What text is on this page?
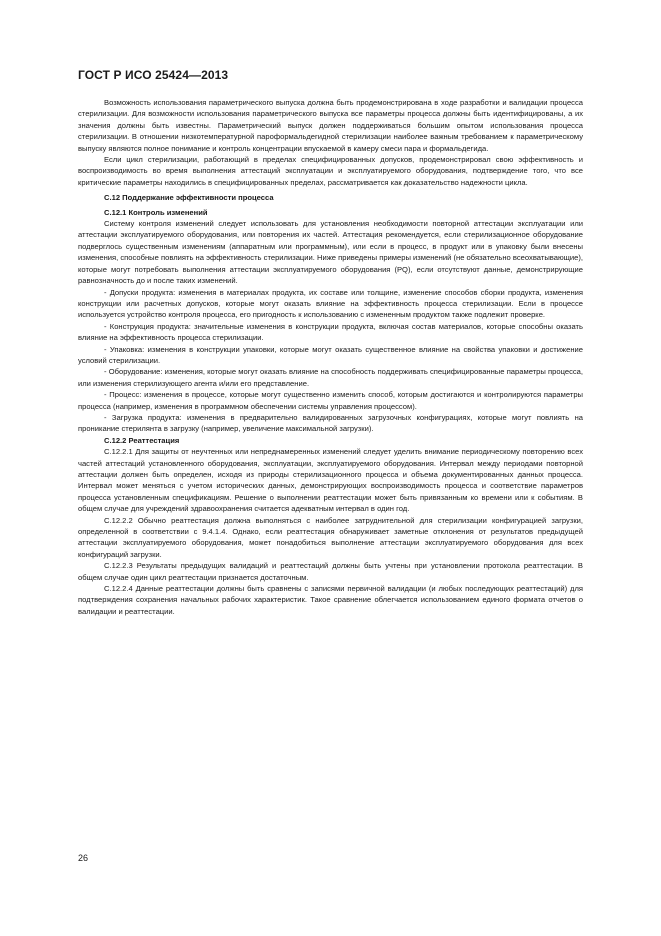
ГОСТ Р ИСО 25424—2013

Возможность использования параметрического выпуска должна быть продемонстрирована в ходе разработки и валидации процесса стерилизации. Для возможности использования параметрического выпуска все параметры процесса должны быть идентифицированы, а их значения должны быть известны. Параметрический выпуск должен поддерживаться большим опытом использования процесса стерилизации. В отношении низкотемпературной пароформальдегидной стерилизации наиболее важным требованием к параметрическому выпуску являются полное понимание и контроль концентрации впускаемой в камеру смеси пара и формальдегида.

Если цикл стерилизации, работающий в пределах специфицированных допусков, продемонстрировал свою эффективность и воспроизводимость во время выполнения аттестаций эксплуатации и эксплуатируемого оборудования, подтверждение того, что все критические параметры находились в специфицированных пределах, рассматривается как доказательство надежности цикла.

С.12 Поддержание эффективности процесса
С.12.1 Контроль изменений

Систему контроля изменений следует использовать для установления необходимости повторной аттестации эксплуатации или аттестации эксплуатируемого оборудования, или повторения их частей. Аттестация рекомендуется, если стерилизационное оборудование подверглось существенным изменениям (аппаратным или программным), или если в процесс, в продукт или в упаковку были внесены изменения, способные повлиять на эффективность стерилизации. Ниже приведены примеры изменений (не обязательно всеохватывающие), которые могут потребовать выполнения аттестации эксплуатируемого оборудования (PQ), если отсутствуют данные, демонстрирующие равнозначность до и после таких изменений.

- Допуски продукта: изменения в материалах продукта, их составе или толщине, изменение способов сборки продукта, изменения конструкции или расчетных допусков, которые могут оказать влияние на эффективность процесса стерилизации. Если в процессе используется устройство контроля процесса, его пригодность к использованию с измененным продуктом также подлежит проверке.

- Конструкция продукта: значительные изменения в конструкции продукта, включая состав материалов, которые способны оказать влияние на эффективность процесса стерилизации.

- Упаковка: изменения в конструкции упаковки, которые могут оказать существенное влияние на свойства упаковки и достижение условий стерилизации.

- Оборудование: изменения, которые могут оказать влияние на способность поддерживать специфицированные параметры процесса, или изменения стерилизующего агента и/или его представление.

- Процесс: изменения в процессе, которые могут существенно изменить способ, которым достигаются и контролируются параметры процесса (например, изменения в программном обеспечении системы управления процессом).

- Загрузка продукта: изменения в предварительно валидированных загрузочных конфигурациях, которые могут повлиять на проникание стерилянта в загрузку (например, увеличение максимальной загрузки).

С.12.2 Реаттестация

С.12.2.1 Для защиты от неучтенных или непреднамеренных изменений следует уделить внимание периодическому повторению всех частей аттестаций установленного оборудования, эксплуатации, эксплуатируемого оборудования. Интервал между периодами повторной аттестации должен быть определен, исходя из природы стерилизационного процесса и объема документированных данных процесса. Интервал может меняться с учетом исторических данных, демонстрирующих воспроизводимость процесса и соответствие параметров процесса установленным спецификациям. Решение о выполнении реаттестации может быть привязанным ко времени или к событиям. В общем случае для учреждений здравоохранения считается адекватным интервал в один год.

С.12.2.2 Обычно реаттестация должна выполняться с наиболее затруднительной для стерилизации конфигурацией загрузки, определенной в соответствии с 9.4.1.4. Однако, если реаттестация обнаруживает заметные отклонения от результатов предыдущей аттестации эксплуатируемого оборудования, может понадобиться выполнение аттестации эксплуатируемого оборудования для всех конфигураций загрузки.

С.12.2.3 Результаты предыдущих валидаций и реаттестаций должны быть учтены при установлении протокола реаттестации. В общем случае один цикл реаттестации признается достаточным.

С.12.2.4 Данные реаттестации должны быть сравнены с записями первичной валидации (и любых последующих реаттестаций) для подтверждения сохранения начальных рабочих характеристик. Такое сравнение облегчается использованием единого формата отчетов о валидации и реаттестации.

26
